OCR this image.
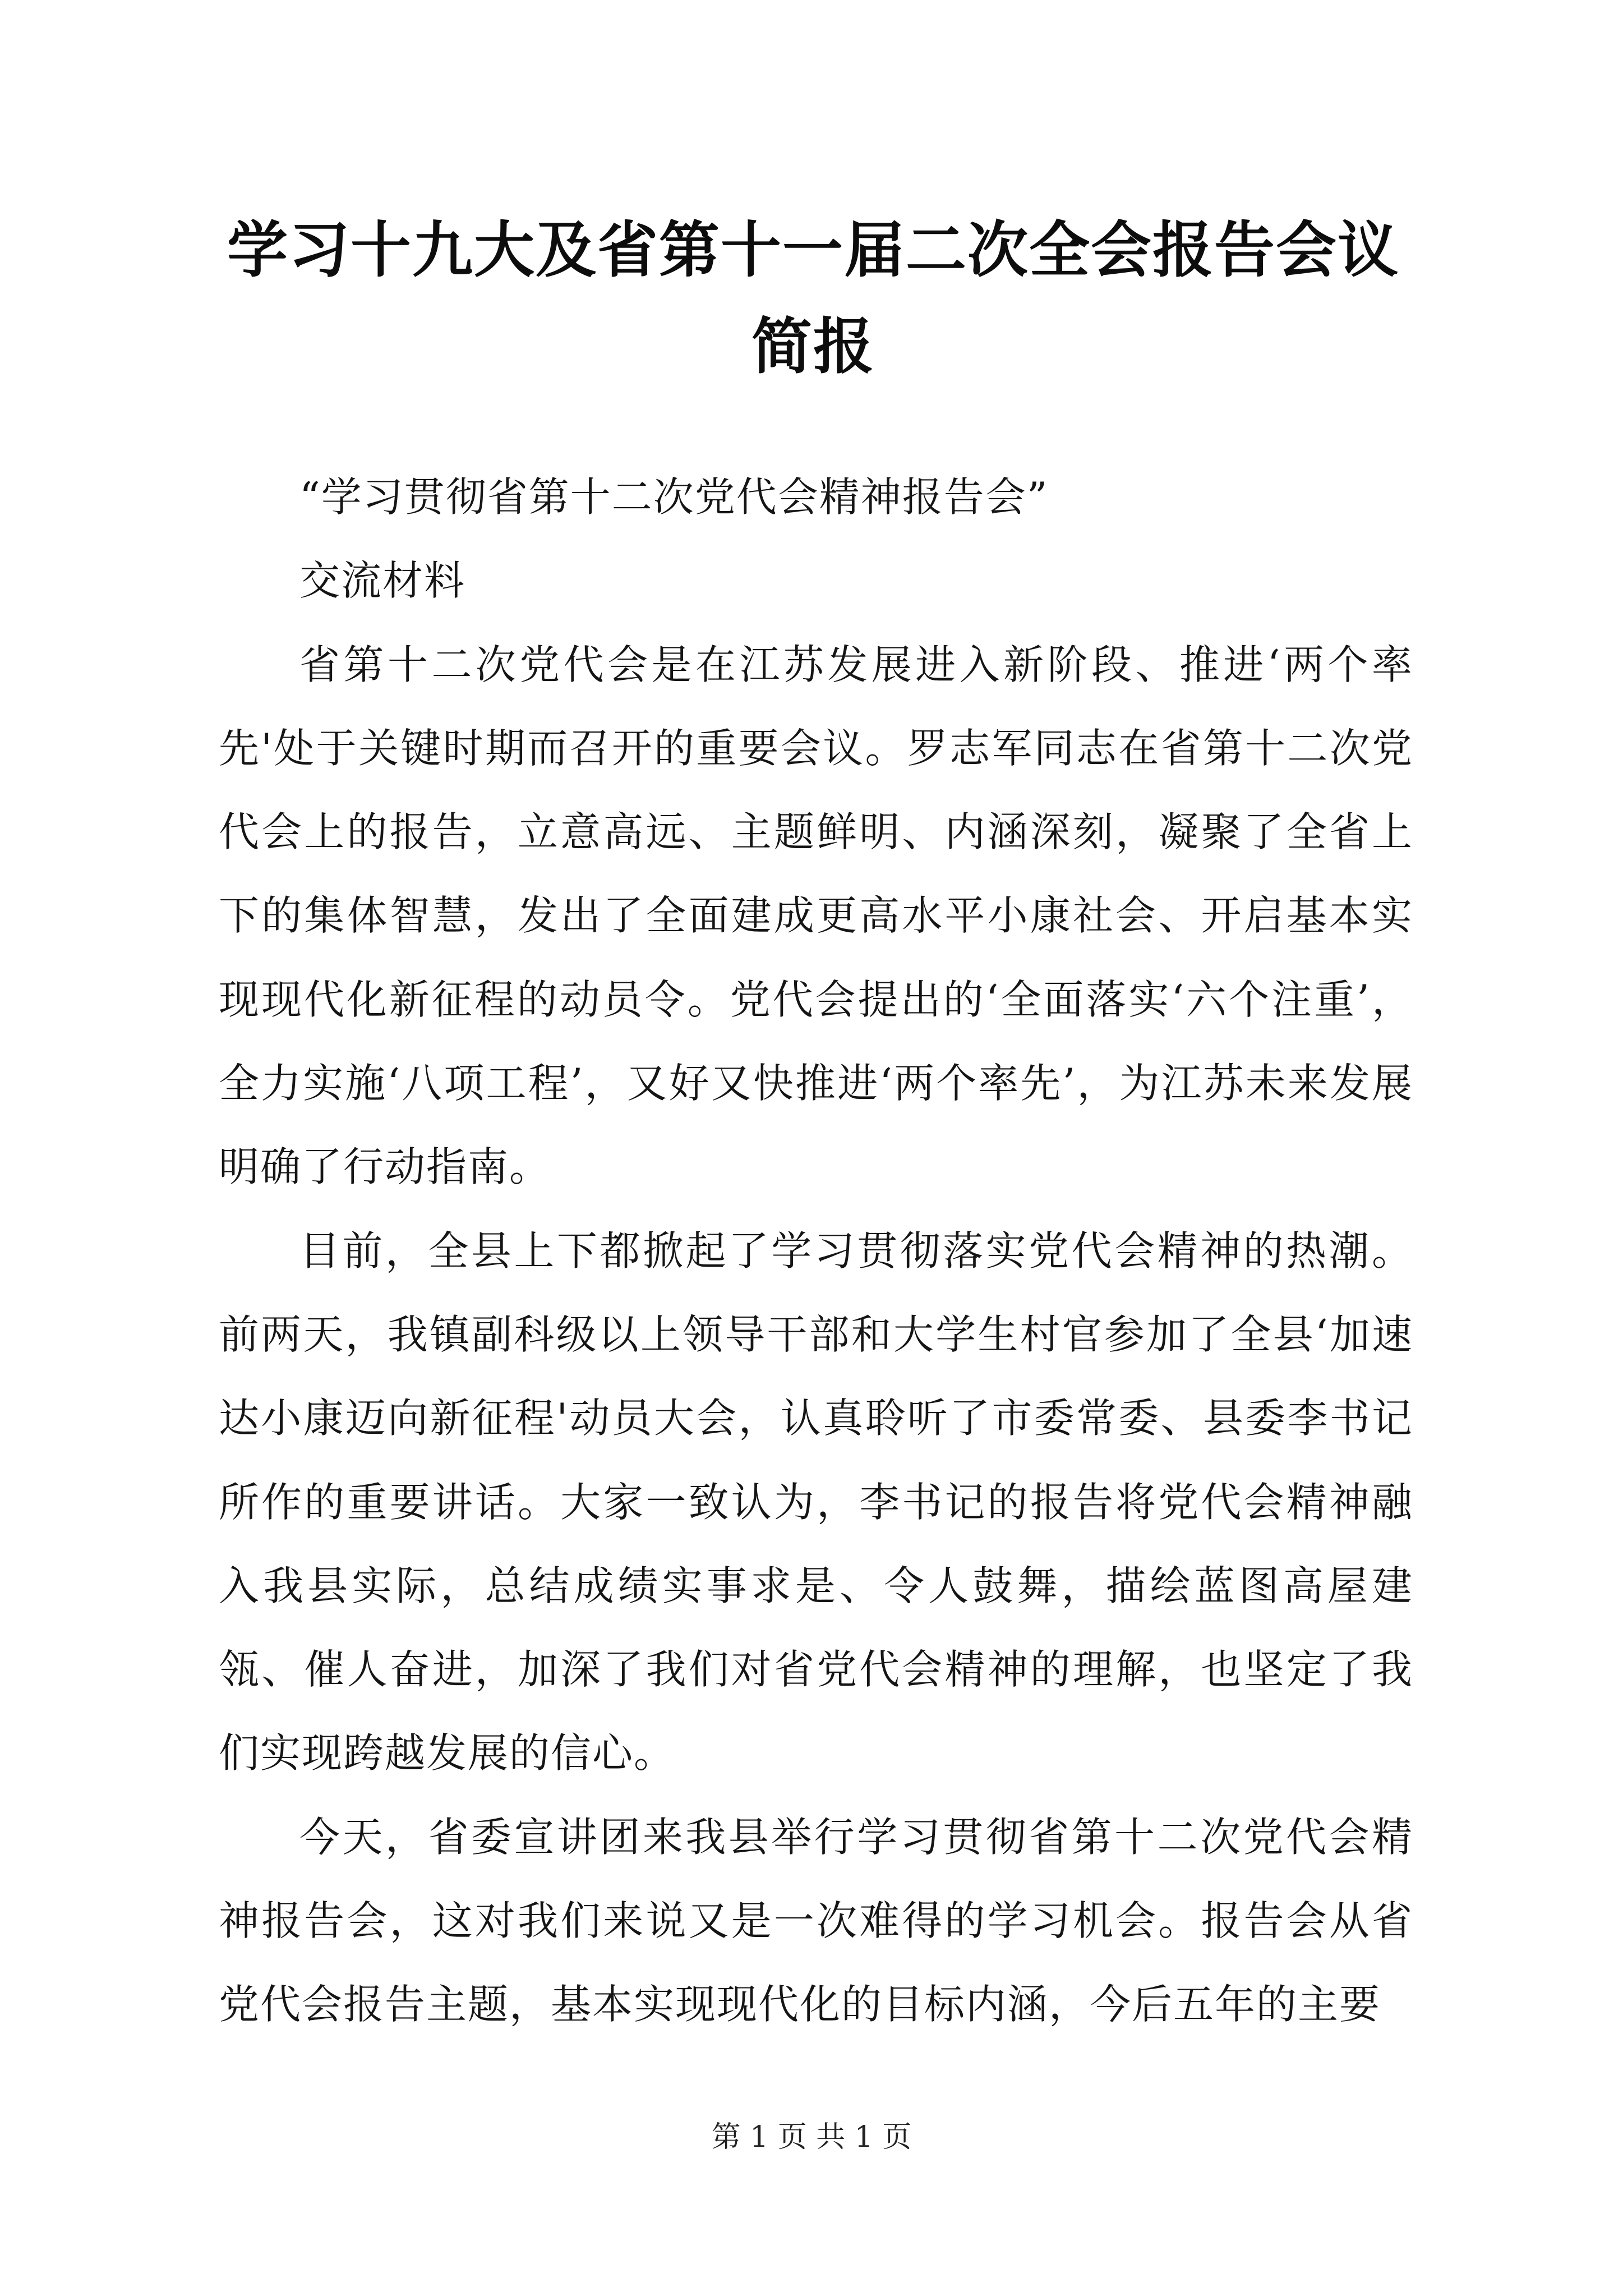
学习十九大及省第十一届二次全会报告会议简报

“学习贯彻省第十二次党代会精神报告会”

交流材料

省第十二次党代会是在江苏发展进入新阶段、推进‘两个率先'处于关键时期而召开的重要会议。罗志军同志在省第十二次党代会上的报告，立意高远、主题鲜明、内涵深刻，凝聚了全省上下的集体智慧，发出了全面建成更高水平小康社会、开启基本实现现代化新征程的动员令。党代会提出的‘全面落实‘六个注重’，全力实施‘八项工程’，又好又快推进‘两个率先’，为江苏未来发展明确了行动指南。

目前，全县上下都掀起了学习贯彻落实党代会精神的热潮。前两天，我镇副科级以上领导干部和大学生村官参加了全县‘加速达小康迈向新征程'动员大会，认真聆听了市委常委、县委李书记所作的重要讲话。大家一致认为，李书记的报告将党代会精神融入我县实际，总结成绩实事求是、令人鼓舞，描绘蓝图高屋建瓴、催人奋进，加深了我们对省党代会精神的理解，也坚定了我们实现跨越发展的信心。

今天，省委宣讲团来我县举行学习贯彻省第十二次党代会精神报告会，这对我们来说又是一次难得的学习机会。报告会从省党代会报告主题，基本实现现代化的目标内涵，今后五年的主要

第 1 页 共 1 页
